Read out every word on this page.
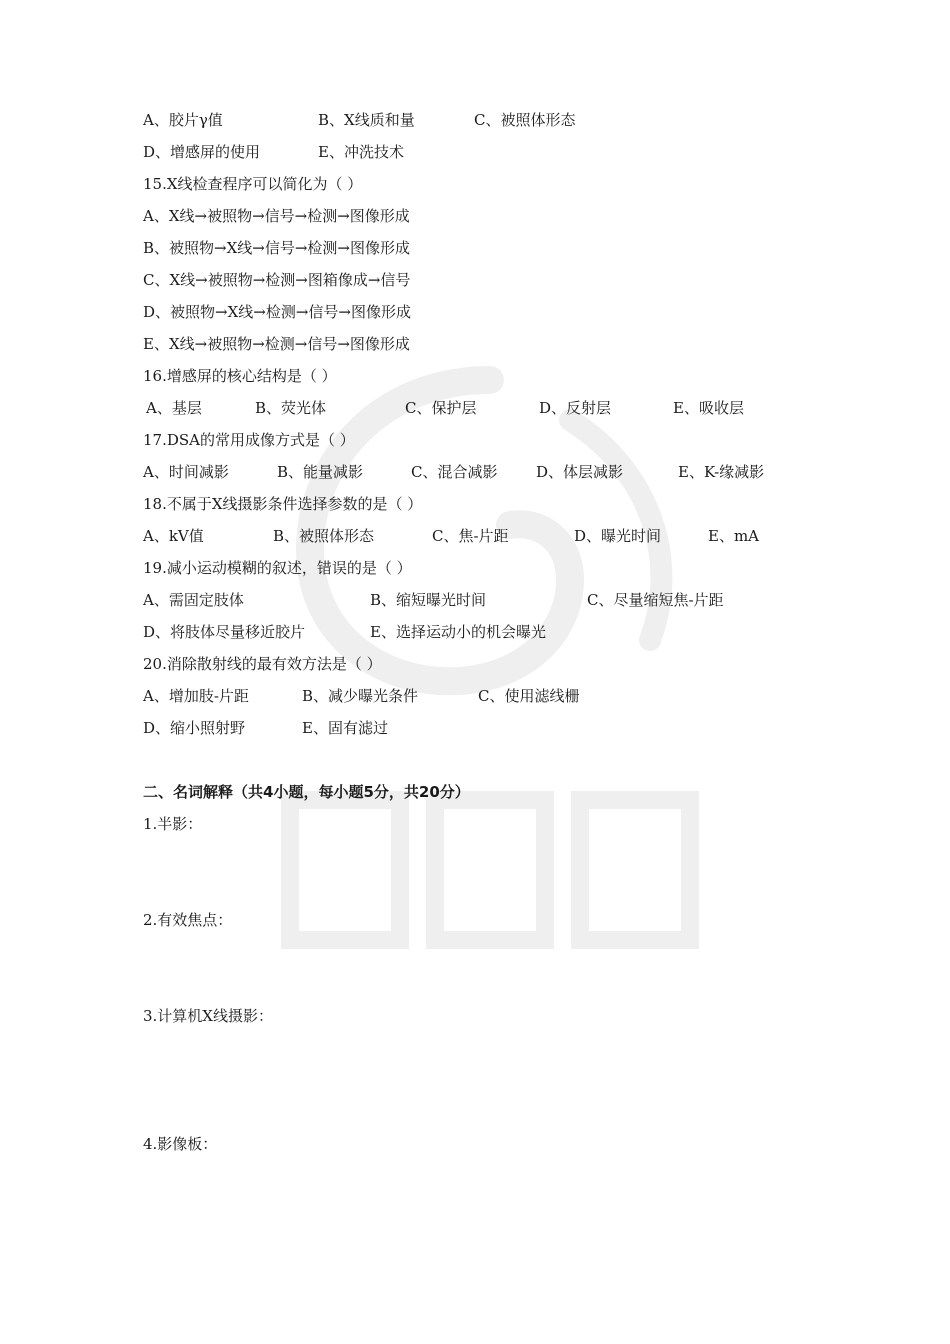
A、胶片γ值	B、X线质和量	C、被照体形态
D、增感屏的使用	E、冲洗技术
15.X线检查程序可以简化为（ ）
A、X线→被照物→信号→检测→图像形成
B、被照物→X线→信号→检测→图像形成
C、X线→被照物→检测→图箱像成→信号
D、被照物→X线→检测→信号→图像形成
E、X线→被照物→检测→信号→图像形成
16.增感屏的核心结构是（ ）
A、基层	B、荧光体	C、保护层	D、反射层	E、吸收层
17.DSA的常用成像方式是（ ）
A、时间减影	B、能量减影	C、混合减影	D、体层减影	E、K-缘减影
18.不属于X线摄影条件选择参数的是（ ）
A、kV值	B、被照体形态	C、焦-片距	D、曝光时间	E、mA
19.减小运动模糊的叙述，错误的是（ ）
A、需固定肢体	B、缩短曝光时间	C、尽量缩短焦-片距
D、将肢体尽量移近胶片	E、选择运动小的机会曝光
20.消除散射线的最有效方法是（ ）
A、增加肢-片距	B、减少曝光条件	C、使用滤线栅
D、缩小照射野	E、固有滤过
二、名词解释（共4小题，每小题5分，共20分）
1.半影：
2.有效焦点：
3.计算机X线摄影：
4.影像板：
